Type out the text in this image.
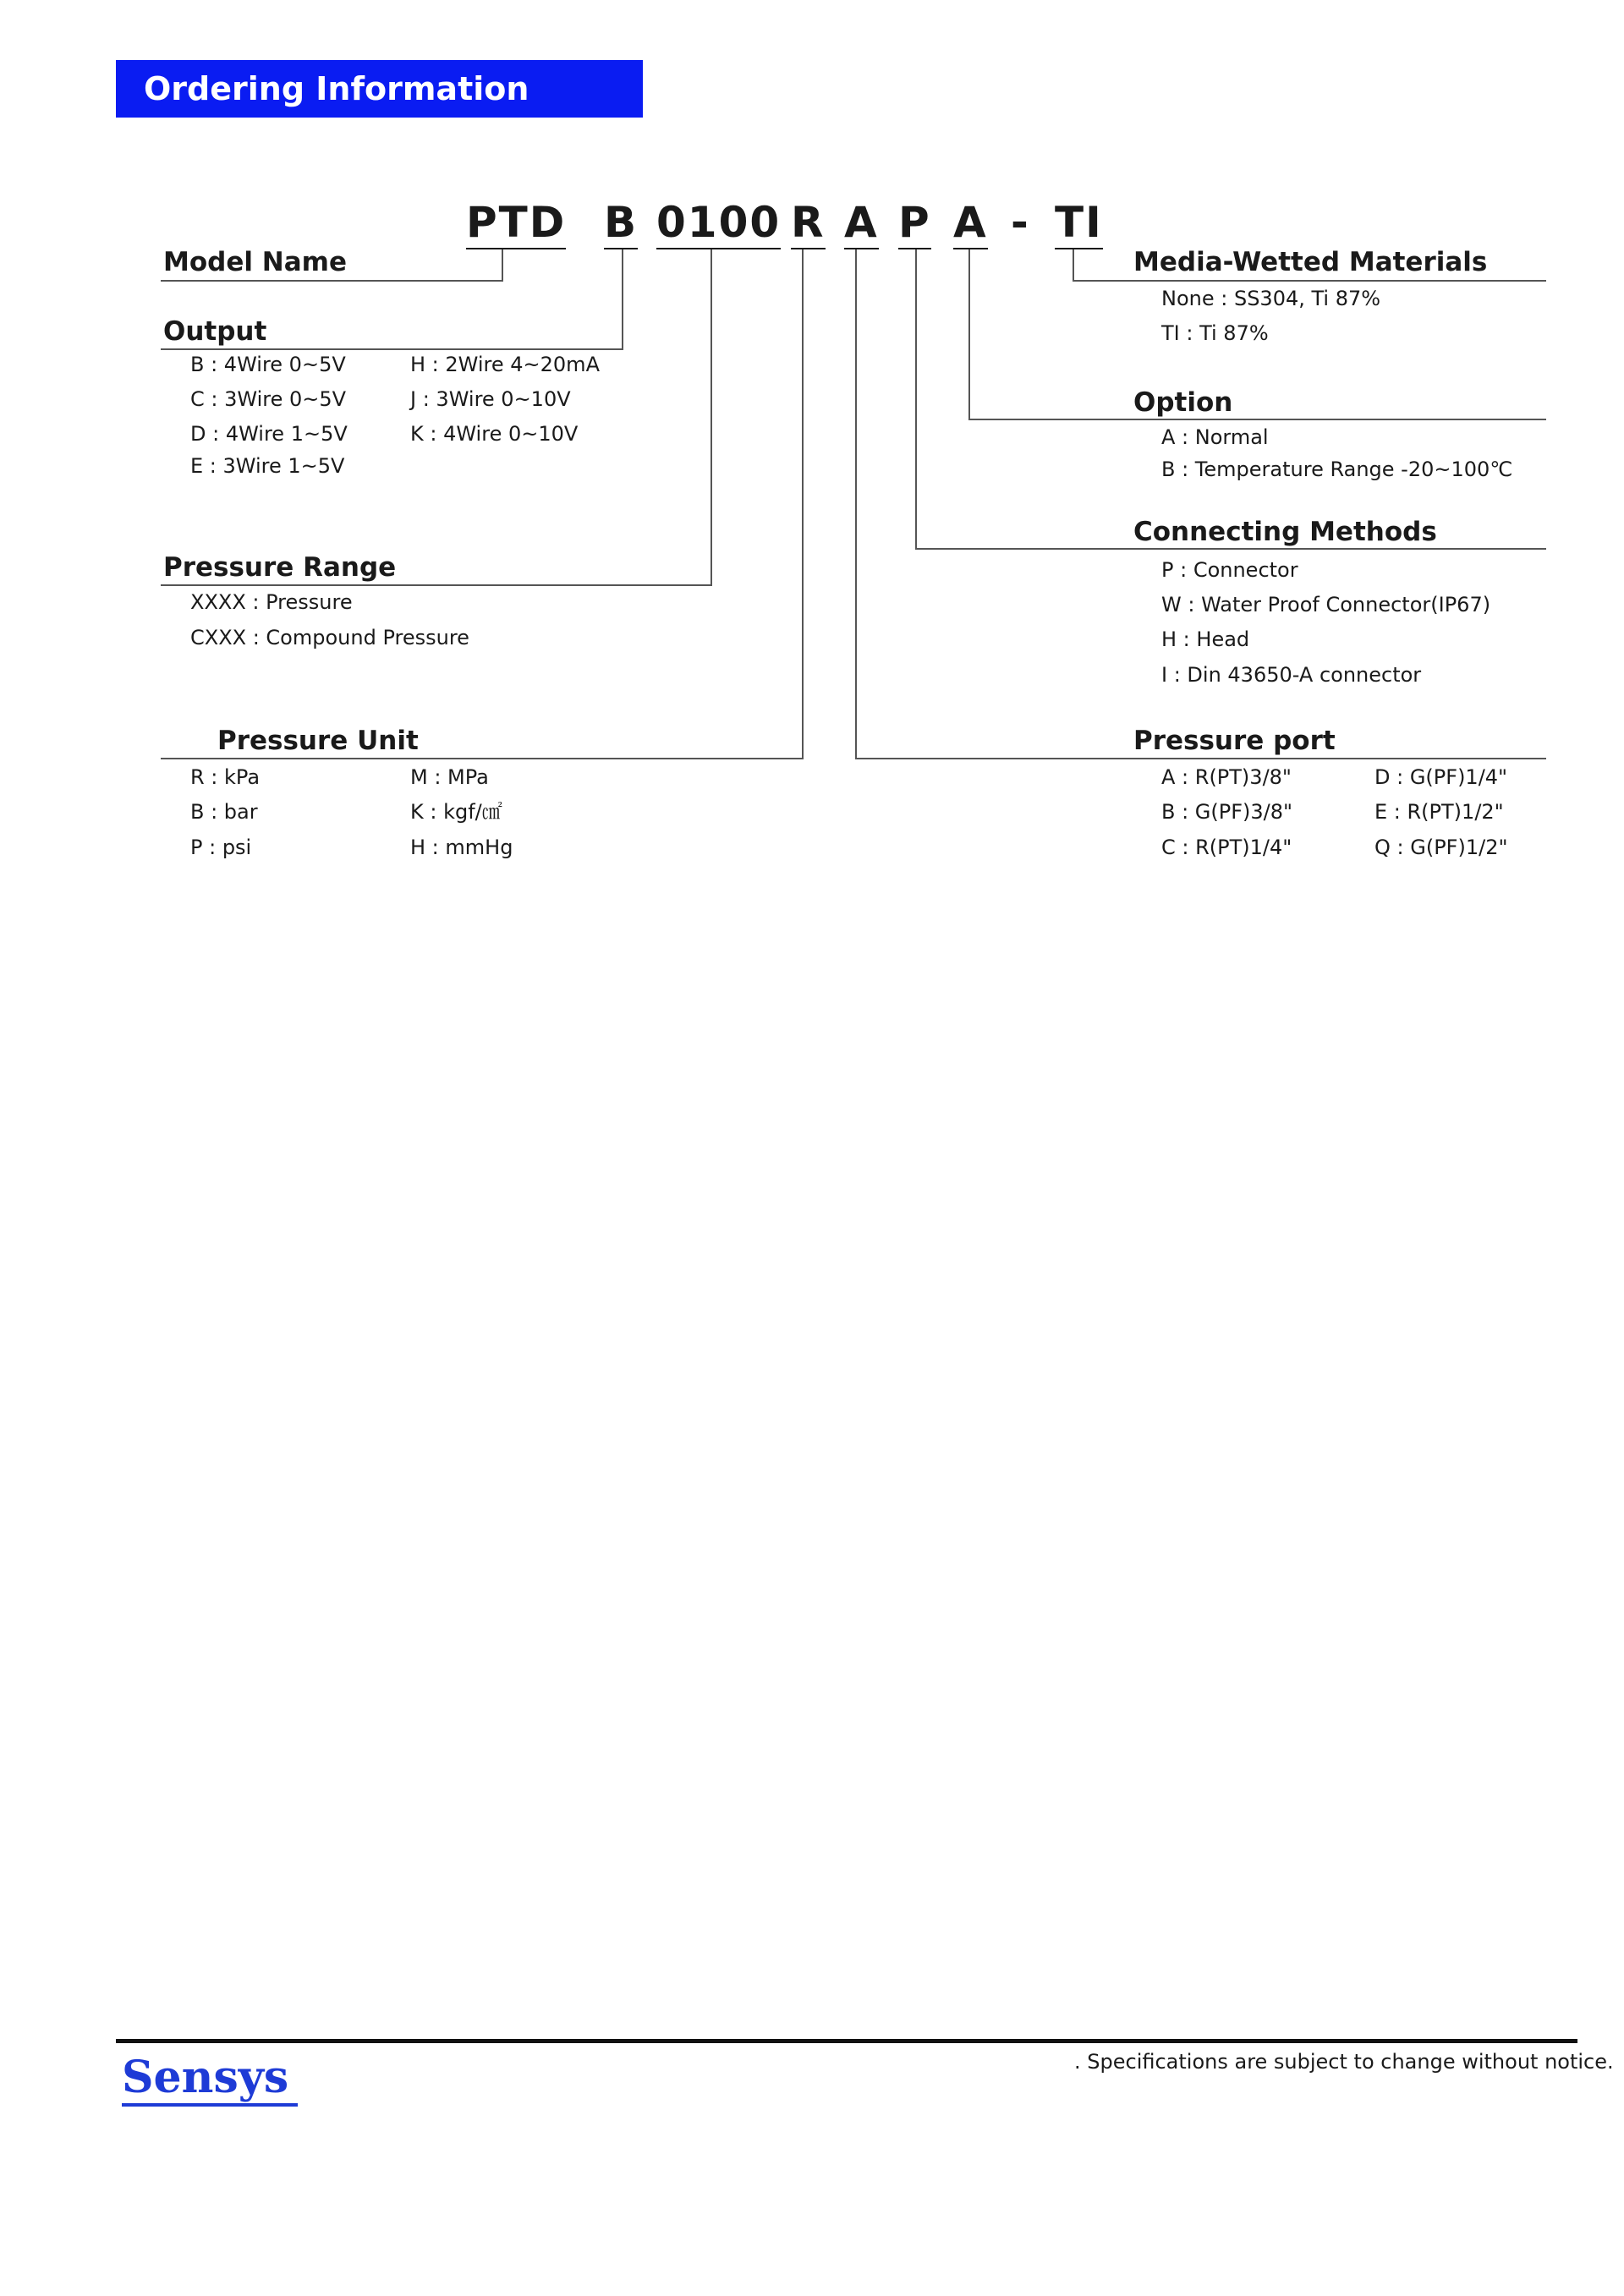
Ordering Information
PTD B 0100 R A P A - TI
Model Name
Output
B : 4Wire 0~5V
C : 3Wire 0~5V
D : 4Wire 1~5V
E : 3Wire 1~5V
H : 2Wire 4~20mA
J : 3Wire 0~10V
K : 4Wire 0~10V
Pressure Range
XXXX : Pressure
CXXX : Compound Pressure
Pressure Unit
R : kPa
B : bar
P : psi
M : MPa
K : kgf/㎠
H : mmHg
Media-Wetted Materials
None : SS304, Ti 87%
TI : Ti 87%
Option
A : Normal
B : Temperature Range -20~100℃
Connecting Methods
P : Connector
W : Water Proof Connector(IP67)
H : Head
I : Din 43650-A connector
Pressure port
A : R(PT)3/8"
B : G(PF)3/8"
C : R(PT)1/4"
D : G(PF)1/4"
E : R(PT)1/2"
Q : G(PF)1/2"
Sensys	. Specifications are subject to change without notice.
